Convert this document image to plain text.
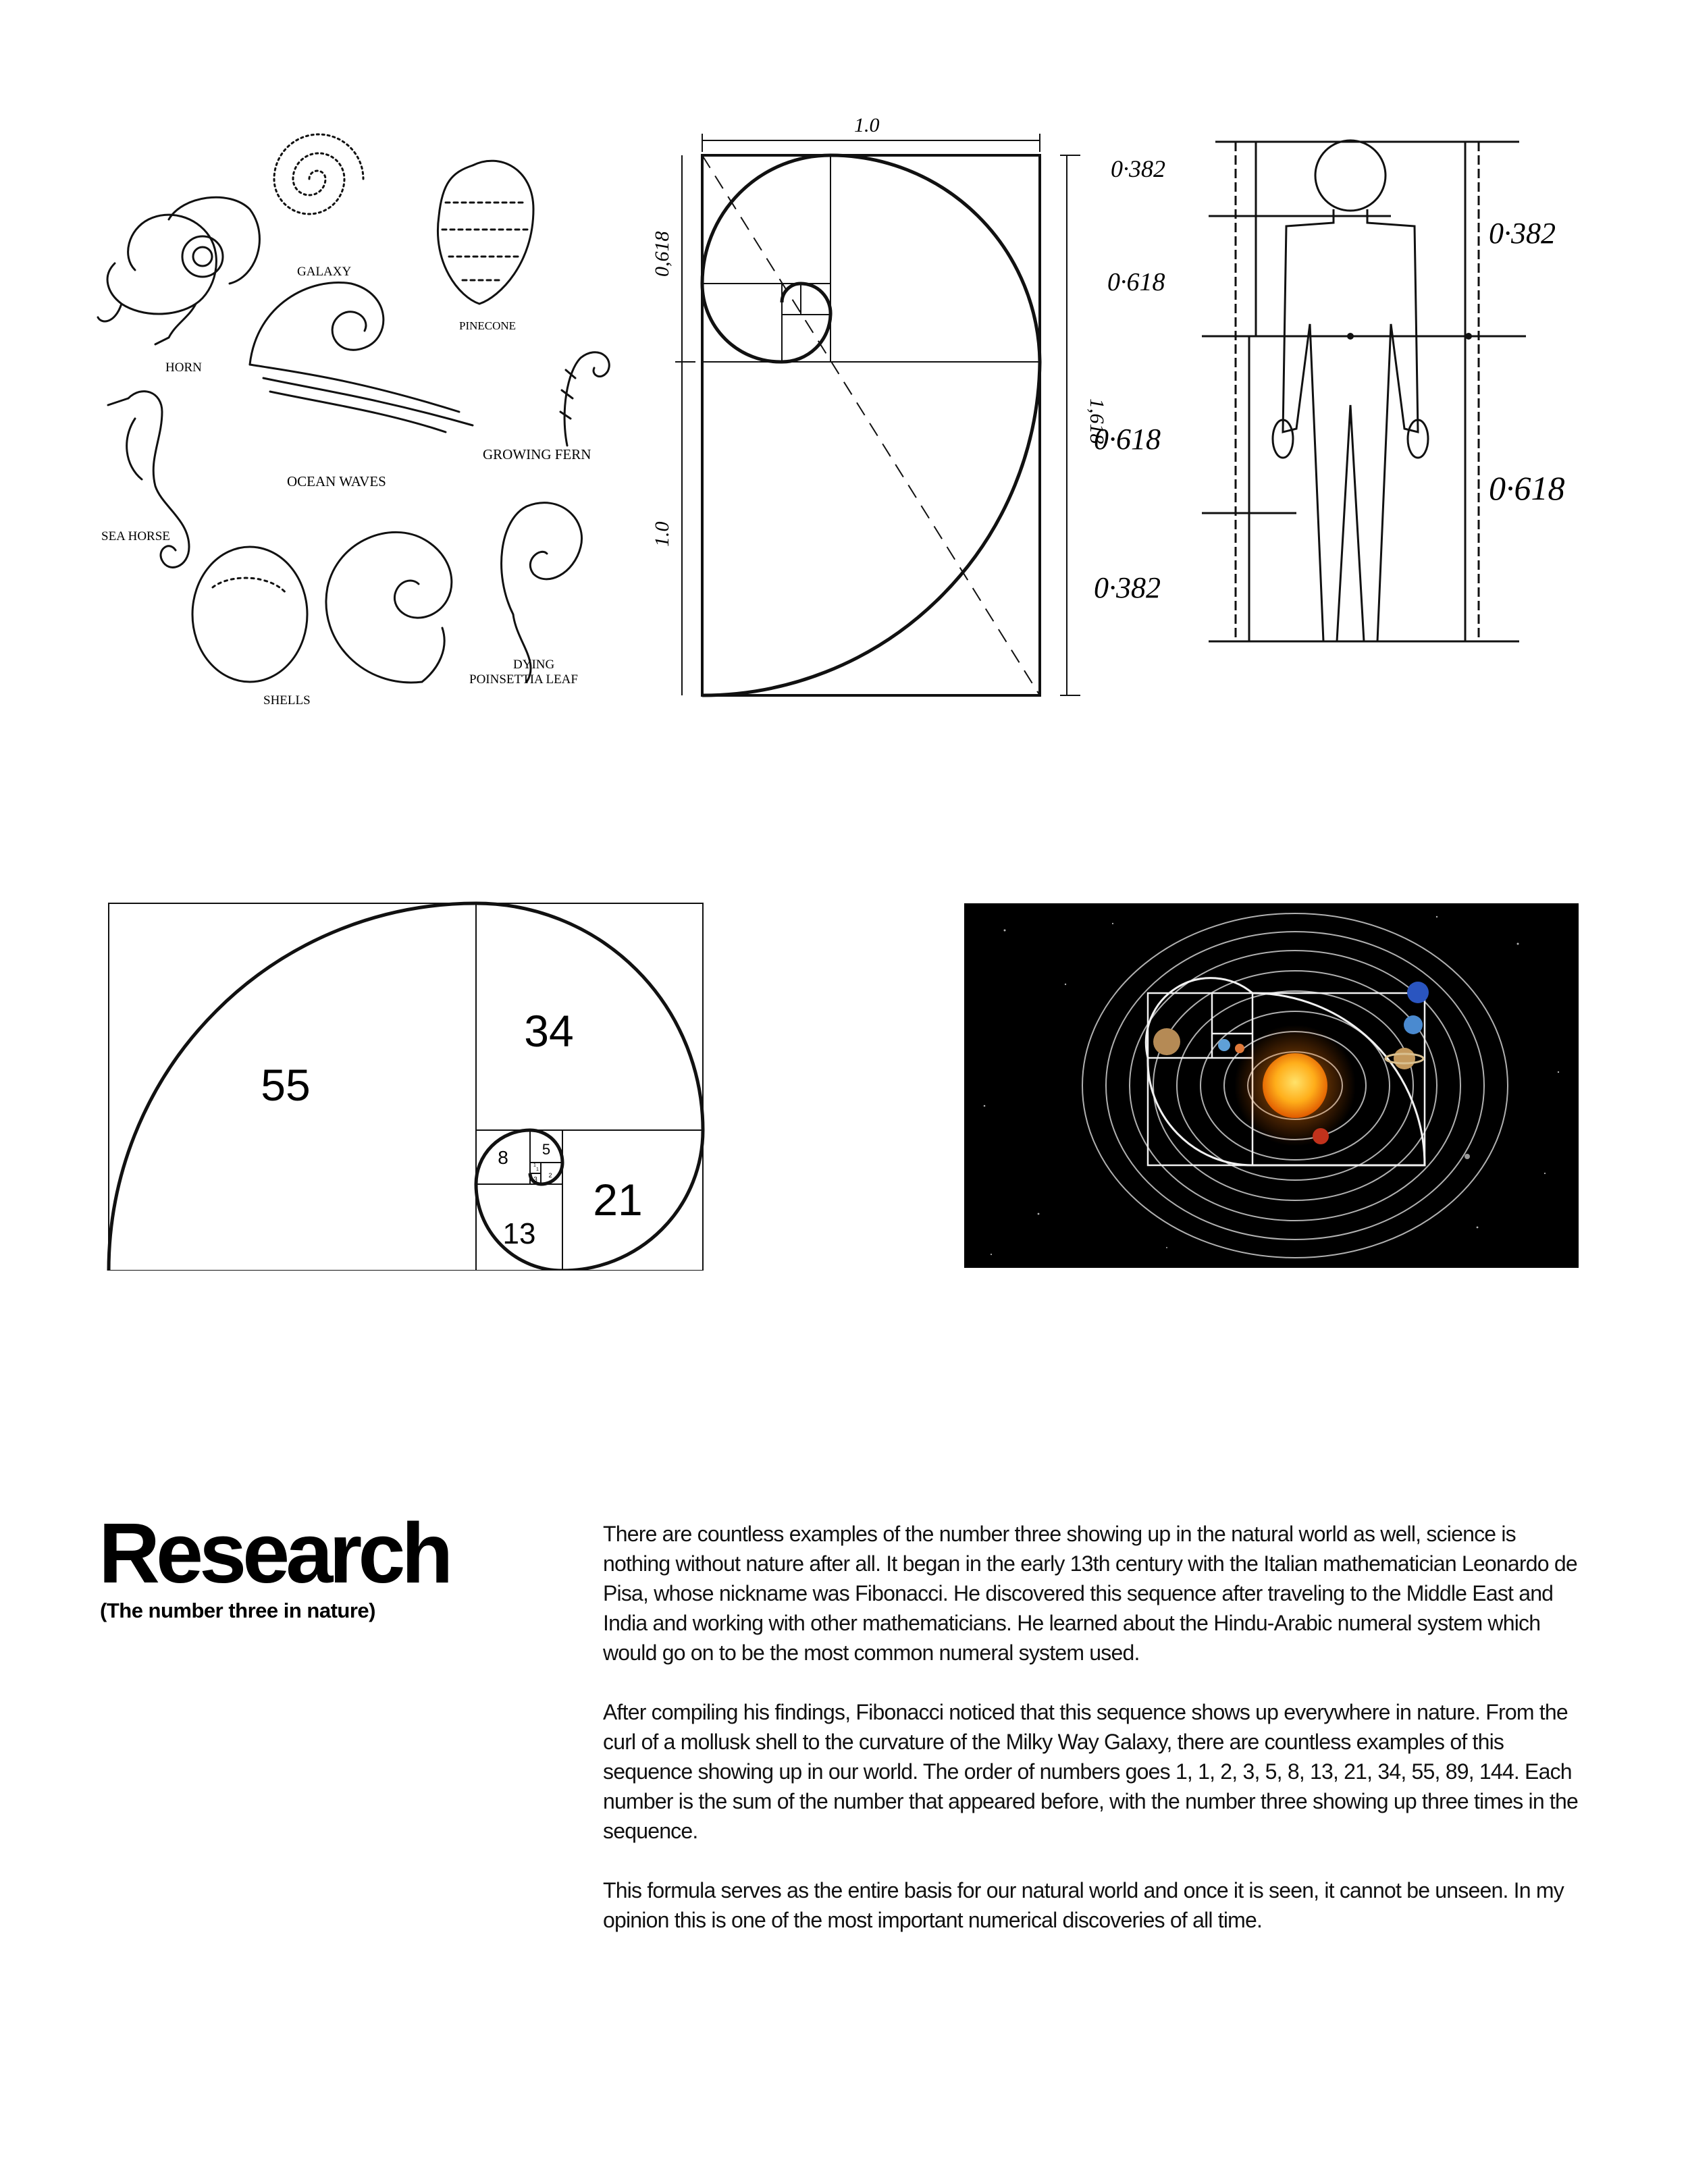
GALAXY
PINECONE
HORN
OCEAN WAVES
GROWING FERN
SEA HORSE
SHELLS
DYING
POINSETTIA LEAF
1.0
0,618
1.0
1,618
0·382
0·618
0·618
0·382
0·382
0·618
55
34
21
13
8 5
3
2
1
1
Research

(The number three in nature)

There are countless examples of the number three showing up in the natural world as well, science is nothing without nature after all. It began in the early 13th century with the Italian mathematician Leonardo de Pisa, whose nickname was Fibonacci. He discovered this sequence after traveling to the Middle East and India and working with other mathematicians. He learned about the Hindu-Arabic numeral system which would go on to be the most common numeral system used.

After compiling his findings, Fibonacci noticed that this sequence shows up everywhere in nature. From the curl of a mollusk shell to the curvature of the Milky Way Galaxy, there are countless examples of this sequence showing up in our world. The order of numbers goes 1, 1, 2, 3, 5, 8, 13, 21, 34, 55, 89, 144. Each number is the sum of the number that appeared before, with the number three showing up three times in the sequence.

This formula serves as the entire basis for our natural world and once it is seen, it cannot be unseen. In my opinion this is one of the most important numerical discoveries of all time.
